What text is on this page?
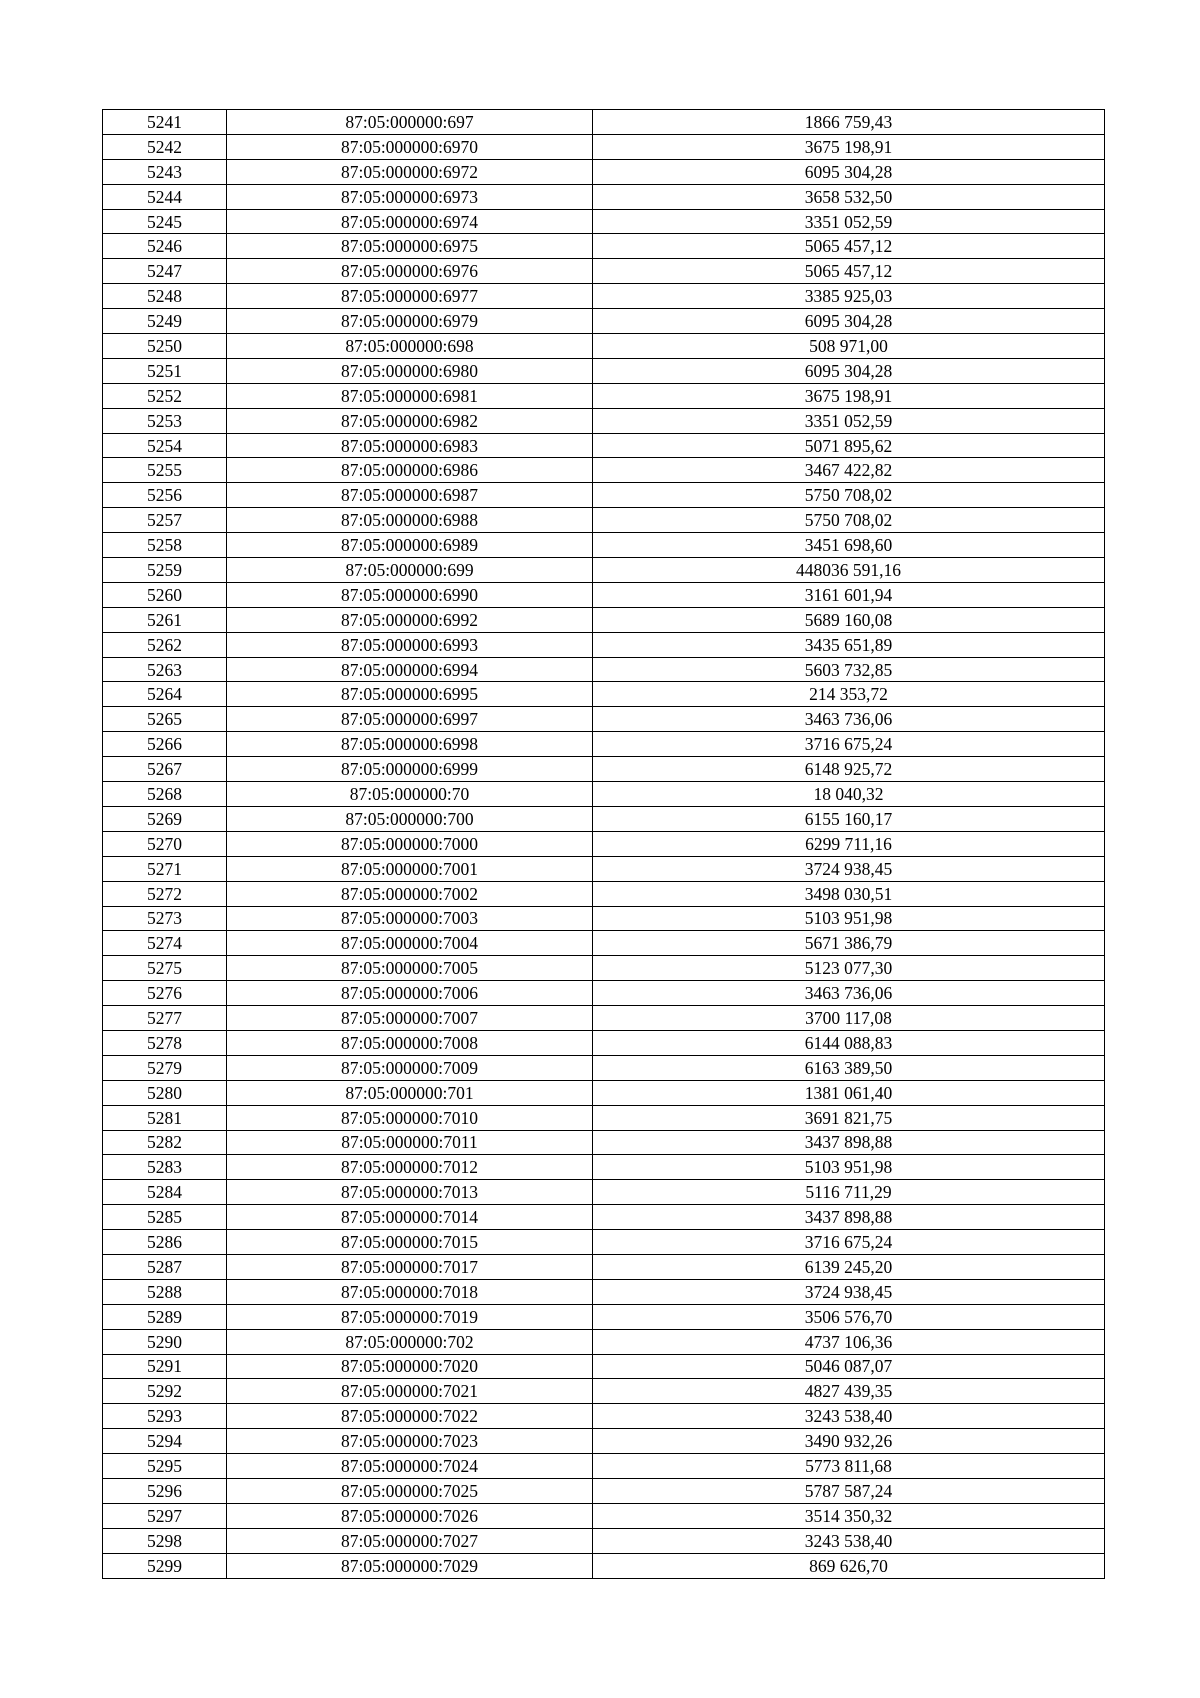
5241	87:05:000000:697	1866 759,43
5242	87:05:000000:6970	3675 198,91
5243	87:05:000000:6972	6095 304,28
5244	87:05:000000:6973	3658 532,50
5245	87:05:000000:6974	3351 052,59
5246	87:05:000000:6975	5065 457,12
5247	87:05:000000:6976	5065 457,12
5248	87:05:000000:6977	3385 925,03
5249	87:05:000000:6979	6095 304,28
5250	87:05:000000:698	508 971,00
5251	87:05:000000:6980	6095 304,28
5252	87:05:000000:6981	3675 198,91
5253	87:05:000000:6982	3351 052,59
5254	87:05:000000:6983	5071 895,62
5255	87:05:000000:6986	3467 422,82
5256	87:05:000000:6987	5750 708,02
5257	87:05:000000:6988	5750 708,02
5258	87:05:000000:6989	3451 698,60
5259	87:05:000000:699	448036 591,16
5260	87:05:000000:6990	3161 601,94
5261	87:05:000000:6992	5689 160,08
5262	87:05:000000:6993	3435 651,89
5263	87:05:000000:6994	5603 732,85
5264	87:05:000000:6995	214 353,72
5265	87:05:000000:6997	3463 736,06
5266	87:05:000000:6998	3716 675,24
5267	87:05:000000:6999	6148 925,72
5268	87:05:000000:70	18 040,32
5269	87:05:000000:700	6155 160,17
5270	87:05:000000:7000	6299 711,16
5271	87:05:000000:7001	3724 938,45
5272	87:05:000000:7002	3498 030,51
5273	87:05:000000:7003	5103 951,98
5274	87:05:000000:7004	5671 386,79
5275	87:05:000000:7005	5123 077,30
5276	87:05:000000:7006	3463 736,06
5277	87:05:000000:7007	3700 117,08
5278	87:05:000000:7008	6144 088,83
5279	87:05:000000:7009	6163 389,50
5280	87:05:000000:701	1381 061,40
5281	87:05:000000:7010	3691 821,75
5282	87:05:000000:7011	3437 898,88
5283	87:05:000000:7012	5103 951,98
5284	87:05:000000:7013	5116 711,29
5285	87:05:000000:7014	3437 898,88
5286	87:05:000000:7015	3716 675,24
5287	87:05:000000:7017	6139 245,20
5288	87:05:000000:7018	3724 938,45
5289	87:05:000000:7019	3506 576,70
5290	87:05:000000:702	4737 106,36
5291	87:05:000000:7020	5046 087,07
5292	87:05:000000:7021	4827 439,35
5293	87:05:000000:7022	3243 538,40
5294	87:05:000000:7023	3490 932,26
5295	87:05:000000:7024	5773 811,68
5296	87:05:000000:7025	5787 587,24
5297	87:05:000000:7026	3514 350,32
5298	87:05:000000:7027	3243 538,40
5299	87:05:000000:7029	869 626,70
